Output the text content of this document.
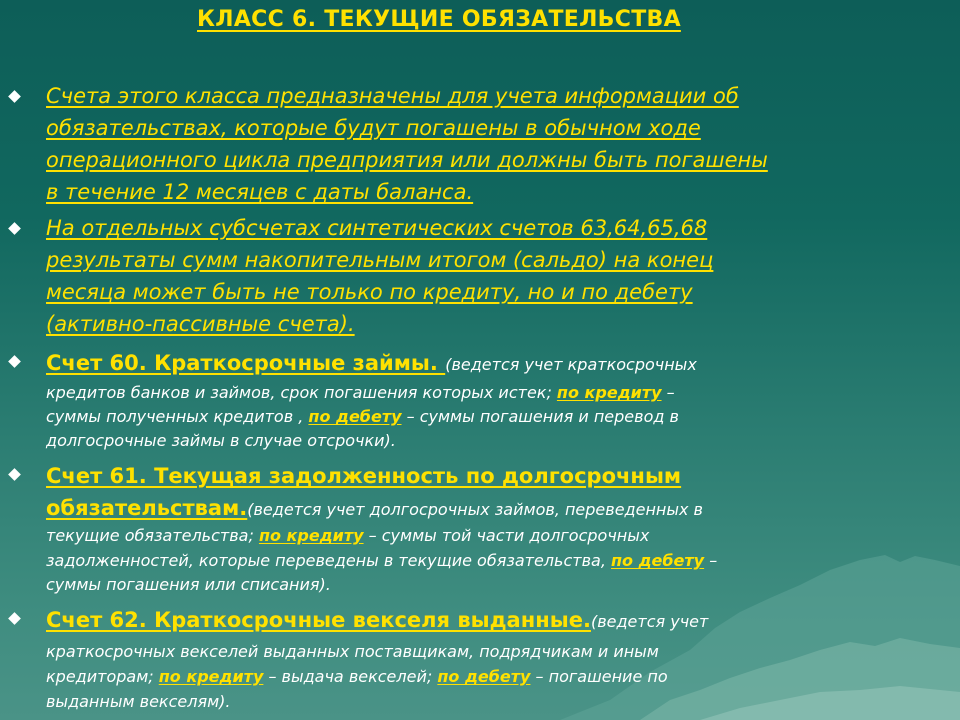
КЛАСС 6. ТЕКУЩИЕ ОБЯЗАТЕЛЬСТВА
Счета этого класса предназначены для учета информации об
обязательствах, которые будут погашены в обычном ходе
операционного цикла предприятия или должны быть погашены
в течение 12 месяцев с даты баланса.
На отдельных субсчетах синтетических счетов 63,64,65,68
результаты сумм накопительным итогом (сальдо) на конец
месяца может быть не только по кредиту, но и по дебету
(активно-пассивные счета).
Счет 60. Краткосрочные займы. (ведется учет краткосрочных
кредитов банков и займов, срок погашения которых истек; по кредиту –
суммы полученных кредитов , по дебету – суммы погашения и перевод в
долгосрочные займы в случае отсрочки).
Счет 61. Текущая задолженность по долгосрочным
обязательствам.(ведется учет долгосрочных займов, переведенных в
текущие обязательства; по кредиту – суммы той части долгосрочных
задолженностей, которые переведены в текущие обязательства, по дебету –
суммы погашения или списания).
Счет 62. Краткосрочные векселя выданные.(ведется учет
краткосрочных векселей выданных поставщикам, подрядчикам и иным
кредиторам; по кредиту – выдача векселей; по дебету – погашение по
выданным векселям).
